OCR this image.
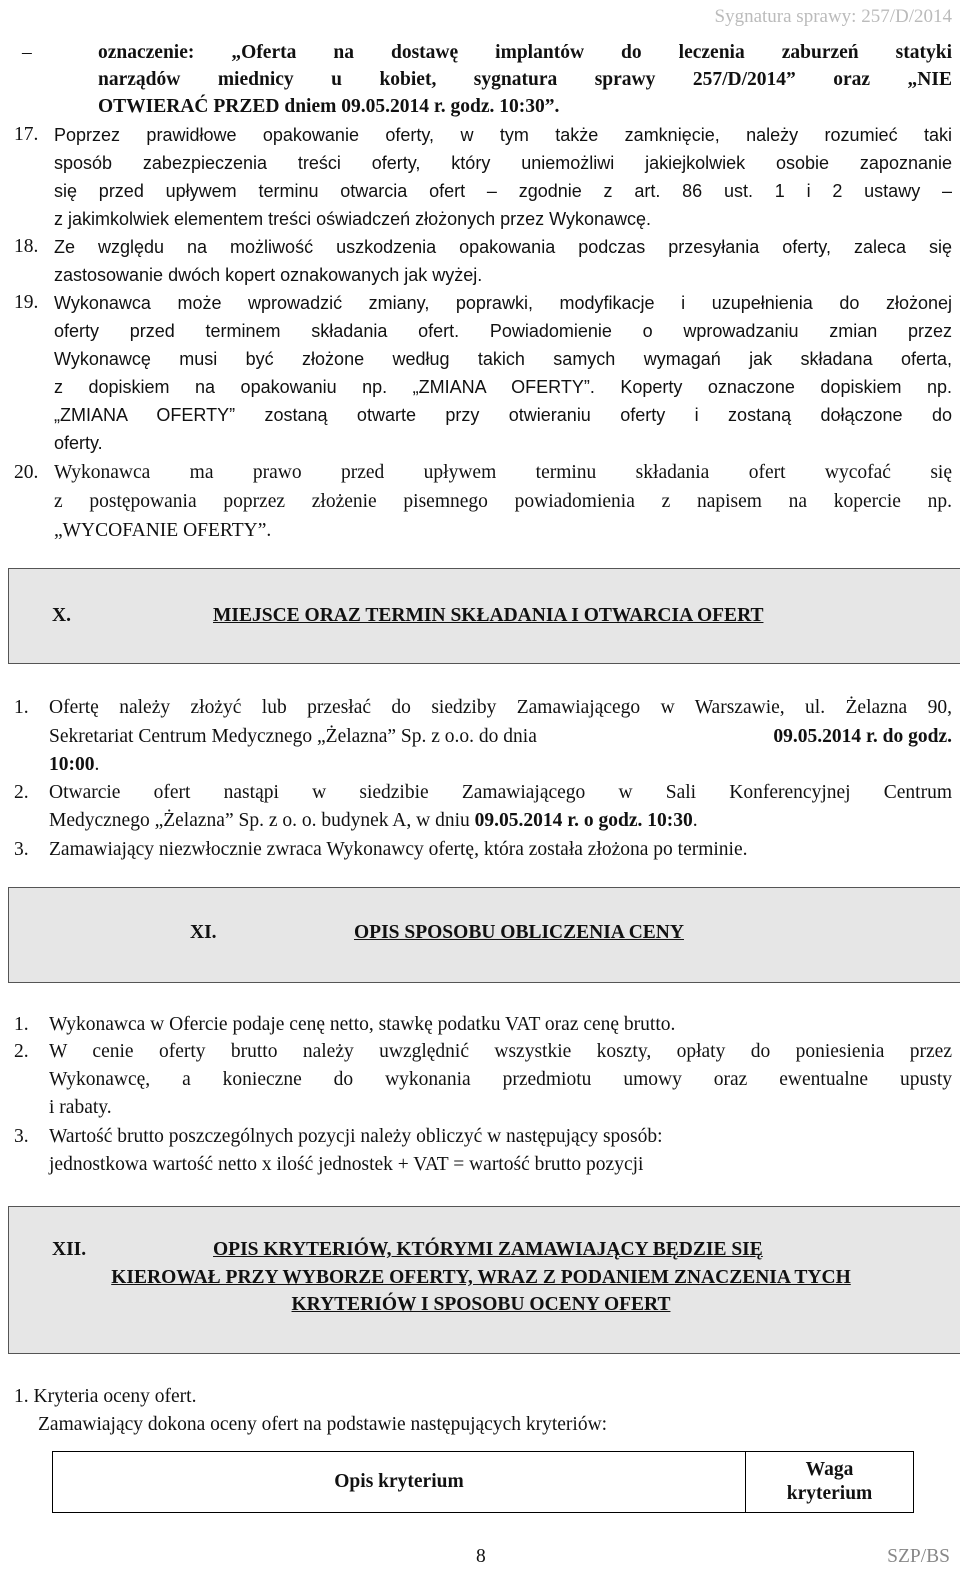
Sygnatura sprawy: 257/D/2014
–	oznaczenie: „Oferta na dostawę implantów do leczenia zaburzeń statyki
narządów miednicy u kobiet, sygnatura sprawy 257/D/2014” oraz „NIE
OTWIERAĆ PRZED dniem 09.05.2014 r. godz. 10:30”.
17. Poprzez prawidłowe opakowanie oferty, w tym także zamknięcie, należy rozumieć taki
sposób zabezpieczenia treści oferty, który uniemożliwi jakiejkolwiek osobie zapoznanie
się przed upływem terminu otwarcia ofert – zgodnie z art. 86 ust. 1 i 2 ustawy –
z jakimkolwiek elementem treści oświadczeń złożonych przez Wykonawcę.
18. Ze względu na możliwość uszkodzenia opakowania podczas przesyłania oferty, zaleca się
zastosowanie dwóch kopert oznakowanych jak wyżej.
19. Wykonawca może wprowadzić zmiany, poprawki, modyfikacje i uzupełnienia do złożonej
oferty przed terminem składania ofert. Powiadomienie o wprowadzaniu zmian przez
Wykonawcę musi być złożone według takich samych wymagań jak składana oferta,
z dopiskiem na opakowaniu np. „ZMIANA OFERTY”. Koperty oznaczone dopiskiem np.
„ZMIANA OFERTY” zostaną otwarte przy otwieraniu oferty i zostaną dołączone do
oferty.
20. Wykonawca ma prawo przed upływem terminu składania ofert wycofać się
z postępowania poprzez złożenie pisemnego powiadomienia z napisem na kopercie np.
„WYCOFANIE OFERTY”.
X.	MIEJSCE ORAZ TERMIN SKŁADANIA I OTWARCIA OFERT
1. Ofertę należy złożyć lub przesłać do siedziby Zamawiającego w Warszawie, ul. Żelazna 90,
Sekretariat Centrum Medycznego „Żelazna” Sp. z o.o. do dnia	09.05.2014 r. do godz.
10:00.
2. Otwarcie ofert nastąpi w siedzibie Zamawiającego w Sali Konferencyjnej Centrum
Medycznego „Żelazna” Sp. z o. o. budynek A, w dniu 09.05.2014 r. o godz. 10:30.
3. Zamawiający niezwłocznie zwraca Wykonawcy ofertę, która została złożona po terminie.
XI.	OPIS SPOSOBU OBLICZENIA CENY
1. Wykonawca w Ofercie podaje cenę netto, stawkę podatku VAT oraz cenę brutto.
2. W cenie oferty brutto należy uwzględnić wszystkie koszty, opłaty do poniesienia przez
Wykonawcę, a konieczne do wykonania przedmiotu umowy oraz ewentualne upusty
i rabaty.
3. Wartość brutto poszczególnych pozycji należy obliczyć w następujący sposób:
jednostkowa wartość netto x ilość jednostek + VAT = wartość brutto pozycji
XII.	OPIS KRYTERIÓW, KTÓRYMI ZAMAWIAJĄCY BĘDZIE SIĘ
KIEROWAŁ PRZY WYBORZE OFERTY, WRAZ Z PODANIEM ZNACZENIA TYCH
KRYTERIÓW I SPOSOBU OCENY OFERT
1. Kryteria oceny ofert.
Zamawiający dokona oceny ofert na podstawie następujących kryteriów:
Opis kryterium	Waga
kryterium
8	SZP/BS
